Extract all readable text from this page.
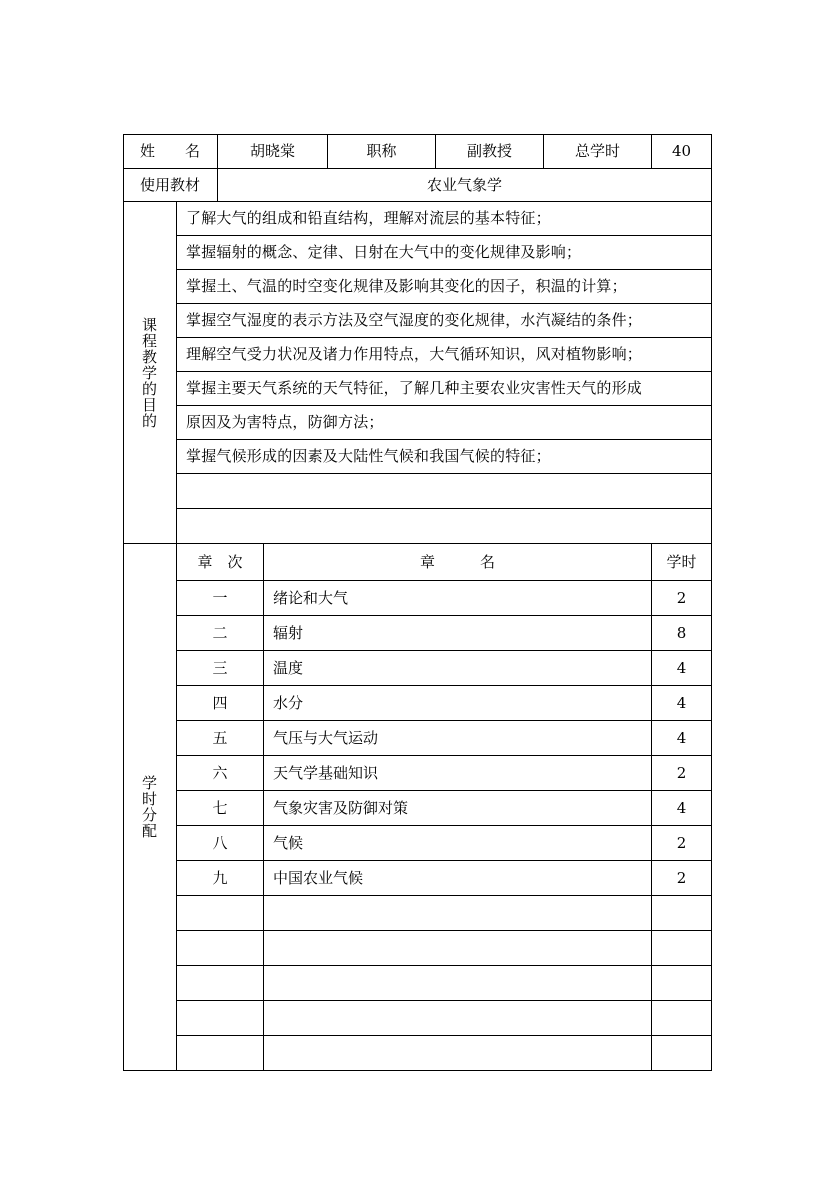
姓　　名	胡晓棠	职称	副教授	总学时	40
使用教材	农业气象学
课
程
教
学
的
目
的
了解大气的组成和铅直结构，理解对流层的基本特征；
掌握辐射的概念、定律、日射在大气中的变化规律及影响；
掌握土、气温的时空变化规律及影响其变化的因子，积温的计算；
掌握空气湿度的表示方法及空气湿度的变化规律，水汽凝结的条件；
理解空气受力状况及诸力作用特点，大气循环知识，风对植物影响；
掌握主要天气系统的天气特征，了解几种主要农业灾害性天气的形成
原因及为害特点，防御方法；
掌握气候形成的因素及大陆性气候和我国气候的特征；
学
时
分
配
章　次	章　　　名	学时
一	绪论和大气	2
二	辐射	8
三	温度	4
四	水分	4
五	气压与大气运动	4
六	天气学基础知识	2
七	气象灾害及防御对策	4
八	气候	2
九	中国农业气候	2
